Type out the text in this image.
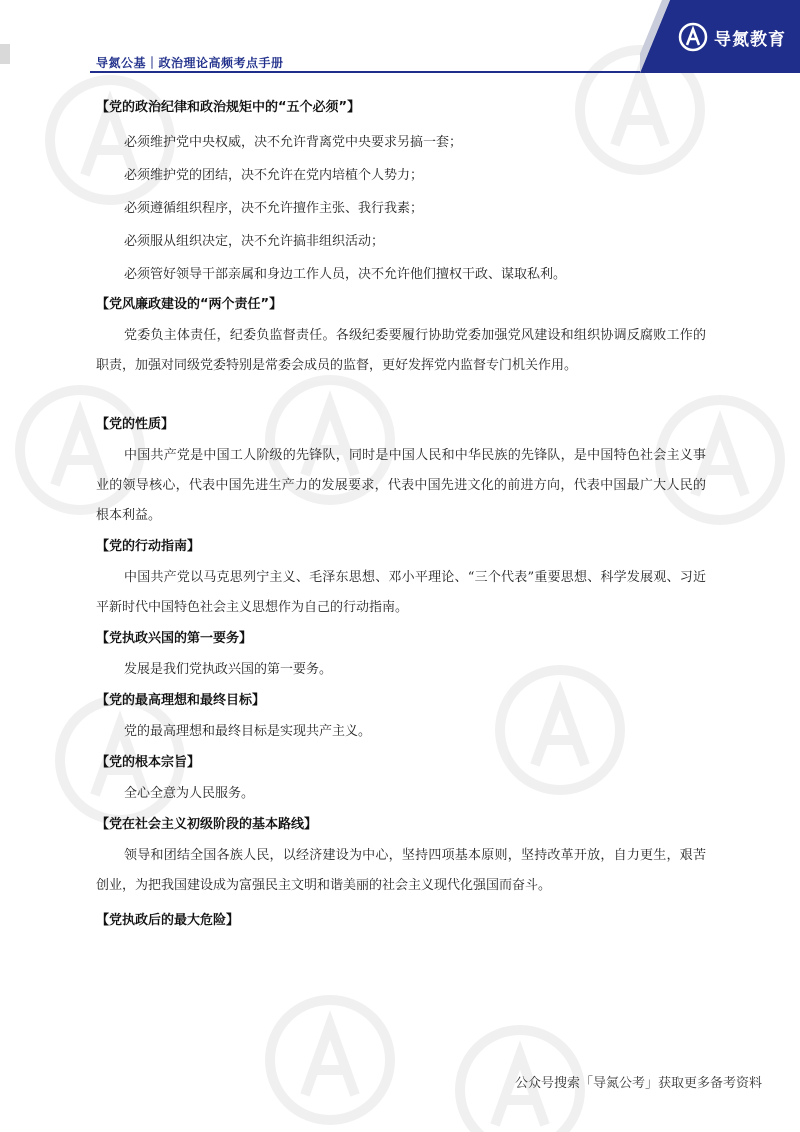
导氮公基｜政治理论高频考点手册
导氮教育

【党的政治纪律和政治规矩中的“五个必须”】

必须维护党中央权威，决不允许背离党中央要求另搞一套；

必须维护党的团结，决不允许在党内培植个人势力；

必须遵循组织程序，决不允许擅作主张、我行我素；

必须服从组织决定，决不允许搞非组织活动；

必须管好领导干部亲属和身边工作人员，决不允许他们擅权干政、谋取私利。

【党风廉政建设的“两个责任”】

党委负主体责任，纪委负监督责任。各级纪委要履行协助党委加强党风建设和组织协调反腐败工作的职责，加强对同级党委特别是常委会成员的监督，更好发挥党内监督专门机关作用。

【党的性质】

中国共产党是中国工人阶级的先锋队，同时是中国人民和中华民族的先锋队，是中国特色社会主义事业的领导核心，代表中国先进生产力的发展要求，代表中国先进文化的前进方向，代表中国最广大人民的根本利益。

【党的行动指南】

中国共产党以马克思列宁主义、毛泽东思想、邓小平理论、“三个代表”重要思想、科学发展观、习近平新时代中国特色社会主义思想作为自己的行动指南。

【党执政兴国的第一要务】

发展是我们党执政兴国的第一要务。

【党的最高理想和最终目标】

党的最高理想和最终目标是实现共产主义。

【党的根本宗旨】

全心全意为人民服务。

【党在社会主义初级阶段的基本路线】

领导和团结全国各族人民，以经济建设为中心，坚持四项基本原则，坚持改革开放，自力更生，艰苦创业，为把我国建设成为富强民主文明和谐美丽的社会主义现代化强国而奋斗。

【党执政后的最大危险】

公众号搜索「导氮公考」获取更多备考资料
